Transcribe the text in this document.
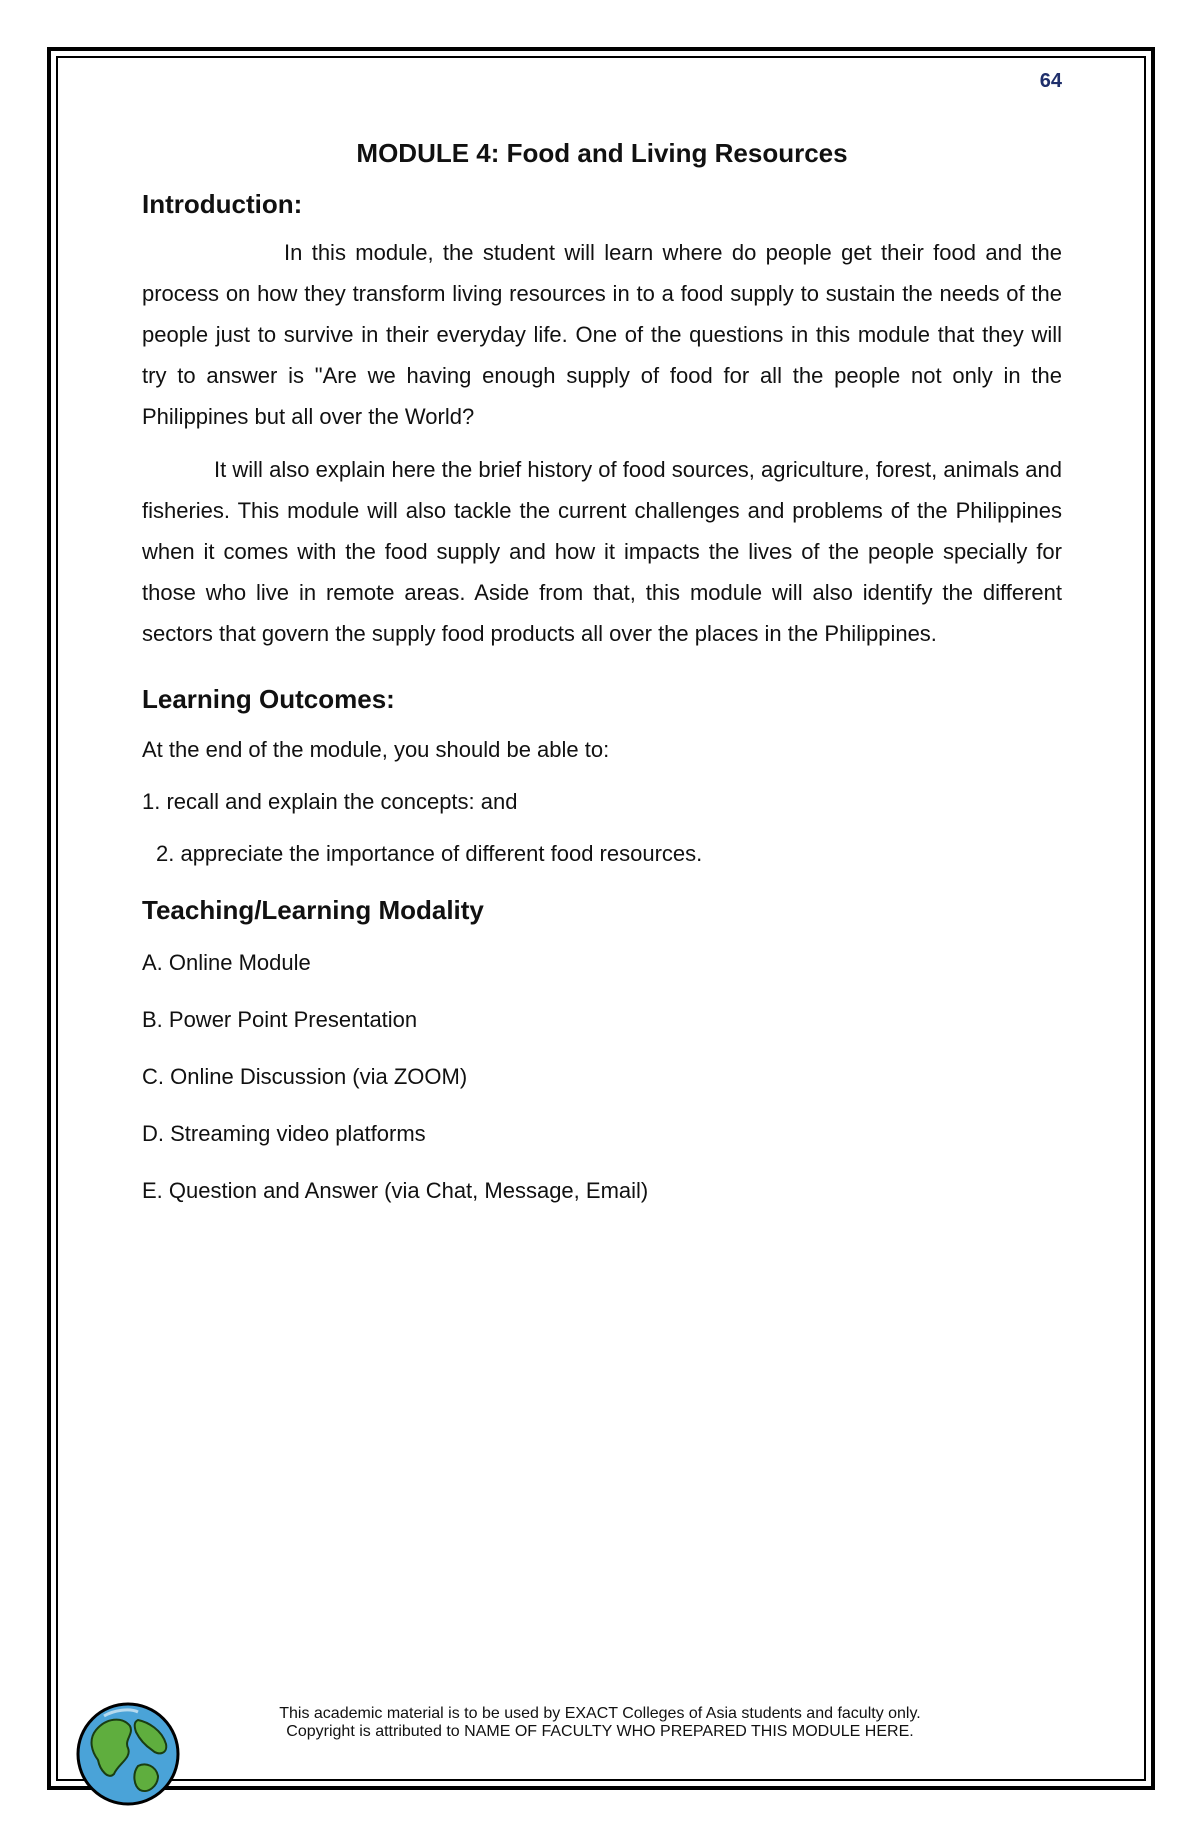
64
MODULE 4: Food and Living Resources
Introduction:

In this module, the student will learn where do people get their food and the process on how they transform living resources in to a food supply to sustain the needs of the people just to survive in their everyday life. One of the questions in this module that they will try to answer is "Are we having enough supply of food for all the people not only in the Philippines but all over the World?

It will also explain here the brief history of food sources, agriculture, forest, animals and fisheries. This module will also tackle the current challenges and problems of the Philippines when it comes with the food supply and how it impacts the lives of the people specially for those who live in remote areas. Aside from that, this module will also identify the different sectors that govern the supply food products all over the places in the Philippines.

Learning Outcomes:

At the end of the module, you should be able to:

1. recall and explain the concepts: and

2. appreciate the importance of different food resources.

Teaching/Learning Modality

A. Online Module

B. Power Point Presentation

C. Online Discussion (via ZOOM)

D. Streaming video platforms

E. Question and Answer (via Chat, Message, Email)

This academic material is to be used by EXACT Colleges of Asia students and faculty only.
Copyright is attributed to NAME OF FACULTY WHO PREPARED THIS MODULE HERE.
